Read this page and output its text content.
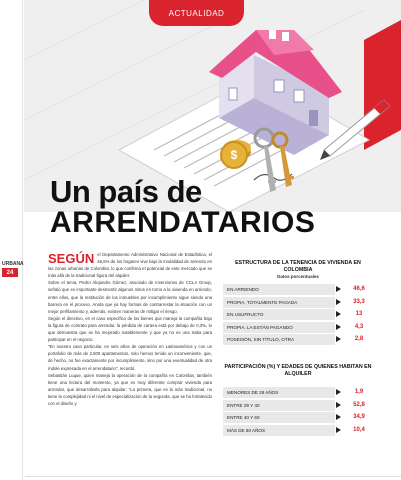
$
ACTUALIDAD
Un país de
ARRENDATARIOS
URBANA
24
SEGÚN el Departamento Administrativo Nacional de Estadística, el 46,6% de los hogares vive bajo la modalidad de arriendo en las zonas urbanas de Colombia, lo que confirma el potencial de este mercado que se más allá de la tradicional figura del alquiler.

Sobre el tema, Pedro Alejandro Gómez, asociado de Inversiones de CCLA Group, señaló que es importante desmentir algunos mitos en torno a la vivienda en arriendo, entre ellos, que la restitución de los inmuebles por incumplimiento sigue siendo una barrera en el proceso. Anota que ya hay formas de contrarrestar la situación con un mejor perfilamiento y, además, existen maneras de mitigar el riesgo.

Según el directivo, en el caso específico de los bienes que maneja la compañía bajo la figura de contrato para arrendar, la pérdida de cartera está por debajo de 0,3%, lo que demuestra que se ha mejorado notablemente y que ya no es una traba para participar en el negocio.

"En nuestro caso particular, en seis años de operación en Latinoamérica y con un portafolio de más de 2.500 apartamentos, solo hemos tenido un inconveniente, que, de hecho, no fue exactamente por incumplimiento, sino por una eventualidad de otra índole expresada en el arrendatario", recordó.

Sebastián Luque, quien maneja la operación de la compañía en Colombia, también tiene una lectura del momento, ya que es muy diferente comprar vivienda para arrendar, que desarrollarla para alquilar: "La primera, que es la más tradicional, no tiene la complejidad ni el nivel de especialización de la segunda, que se ha fortalecido con el diseño y

ESTRUCTURA DE LA TENENCIA DE VIVIENDA EN COLOMBIA
Datos porcentuales
EN ARRIENDO	46,6
PROPIA, TOTALMENTE PAGADA	33,3
EN USUFRUCTO	13
PROPIA, LA ESTÁN PAGANDO	4,3
POSESIÓN, SIN TÍTULO, OTRA	2,8
PARTICIPACIÓN (%) Y EDADES DE QUIENES HABITAN EN ALQUILER
MENORES DE 28 AÑOS	1,9
ENTRE 29 Y 40	52,8
ENTRE 40 Y 60	34,9
MÁS DE 60 AÑOS	10,4
